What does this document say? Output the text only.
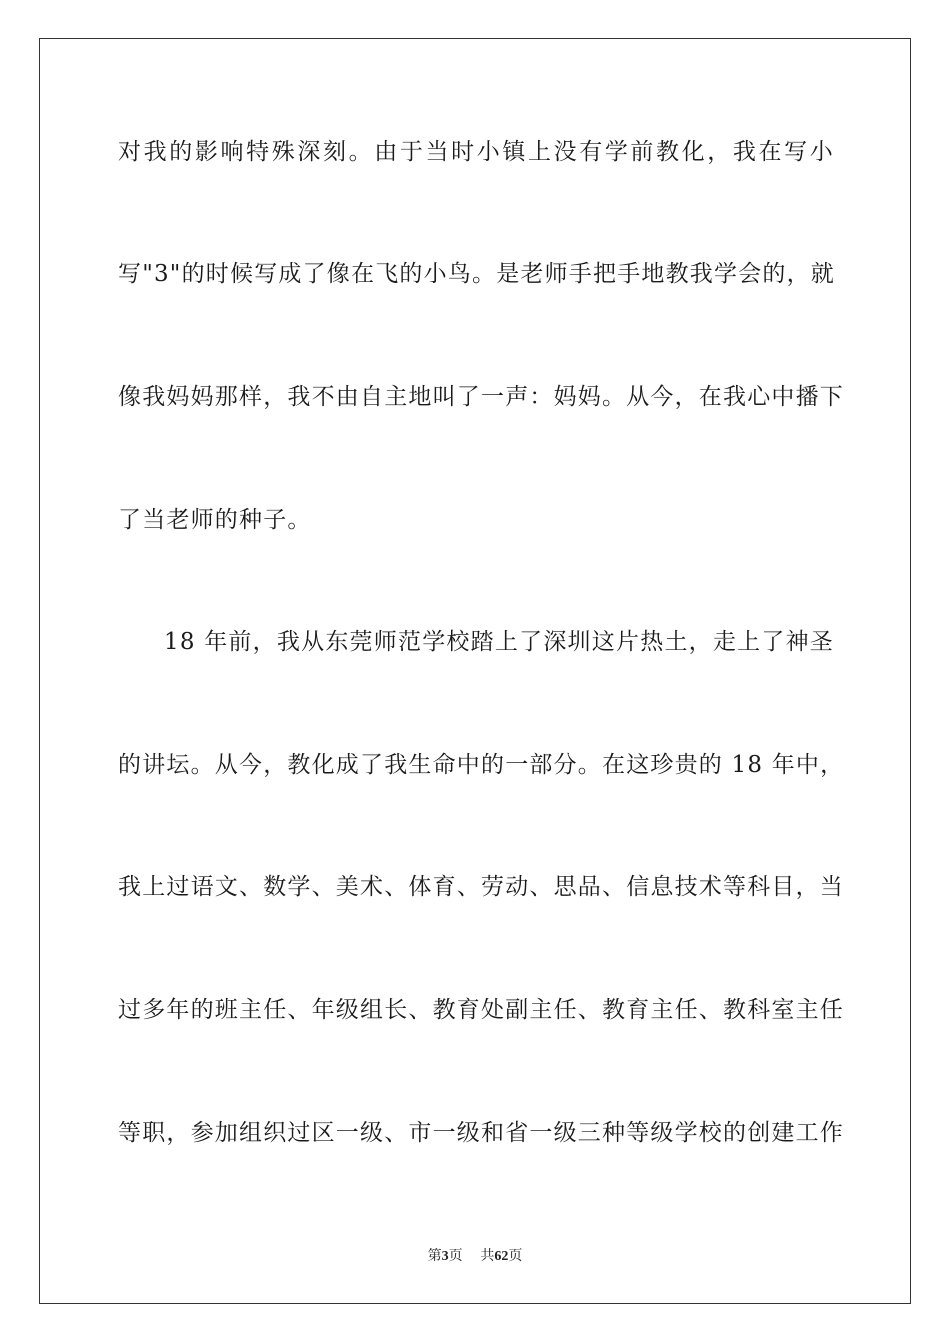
对我的影响特殊深刻。由于当时小镇上没有学前教化，我在写小
写"3"的时候写成了像在飞的小鸟。是老师手把手地教我学会的，就
像我妈妈那样，我不由自主地叫了一声：妈妈。从今，在我心中播下
了当老师的种子。
18 年前，我从东莞师范学校踏上了深圳这片热土，走上了神圣
的讲坛。从今，教化成了我生命中的一部分。在这珍贵的 18 年中，
我上过语文、数学、美术、体育、劳动、思品、信息技术等科目，当
过多年的班主任、年级组长、教育处副主任、教育主任、教科室主任
等职，参加组织过区一级、市一级和省一级三种等级学校的创建工作
第3页 共62页
